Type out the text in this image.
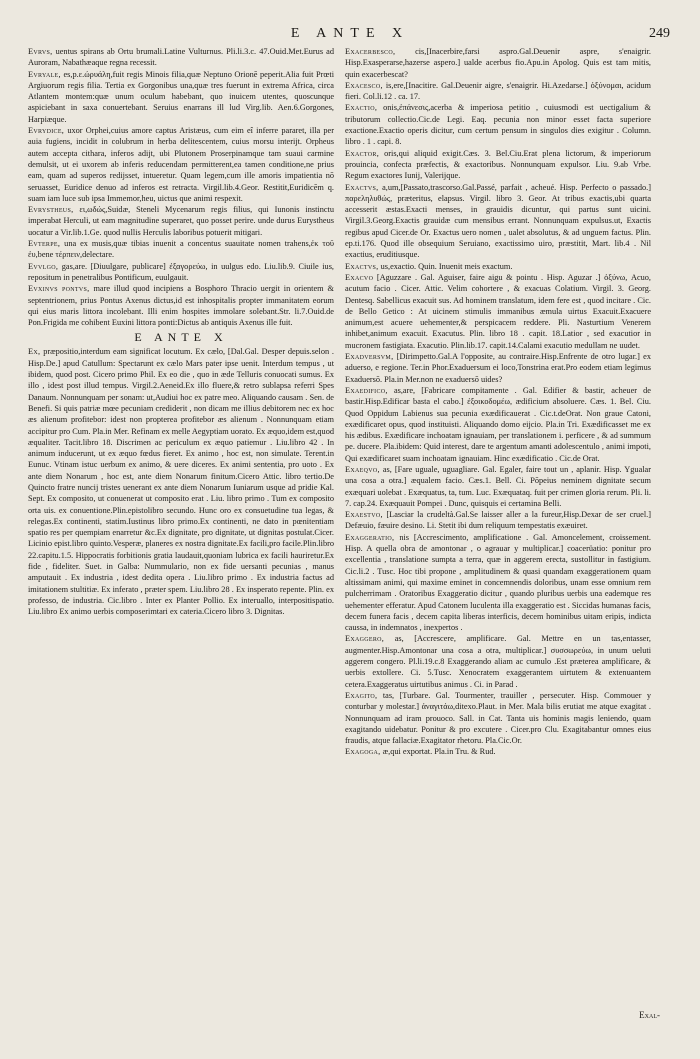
E ANTE X	249

Evrvs, uentus spirans ab Ortu brumali.Latine Vulturnus. Pli.li.3.c. 47.Ouid.Met.Eurus ad Auroram, Nabathæaque regna recessit.

Evryale, es,p.ε.ώρυάλη,fuit regis Minois filia,quæ Neptuno Orionē peperit.Alia fuit Prœti Argiuorum regis filia. Tertia ex Gorgonibus una,quæ tres fuerunt in extrema Africa, circa Atlantem montem:quæ unum oculum habebant, quo inuicem utentes, quoscunque aspiciebant in saxa conuertebant. Seruius enarrans ill lud Virg.lib. Aen.6.Gorgones, Harpiæque.

Evrydice, uxor Orphei,cuius amore captus Aristæus, cum eim eî inferre pararet, illa per auia fugiens, incidit in colubrum in herba delitescentem, cuius morsu interijt. Orpheus autem accepta cithara, inferos adijt, ubi Plutonem Proserpinamque tam suaui carmine demulsit, ut ei uxorem ab inferis reducendam permitterent,ea tamen conditione,ne prius eam, quam ad superos redijsset, intueretur. Quam legem,cum ille amoris impatientia nō seruasset, Euridice denuo ad inferos est retracta. Virgil.lib.4.Geor. Restitit,Euridicēm q. suam iam luce sub ipsa Immemor,heu, uictus que animi respexit.

Evrystheus, ει,ωδώς,Suidæ, Steneli Mycenarum regis filius, qui Iunonis instinctu imperabat Herculi, ut eam magnitudine superaret, quo posset perire. unde durus Eurystheus uocatur a Vir.lib.1.Ge. quod nullis Herculis laboribus potuerit mitigari.

Evterpe, una ex musis,quæ tibias inuenit a concentus suauitate nomen trahens,ἐκ τοῦ ἐυ,bene τέρπειν,delectare.

Evvlgo, gas,are. [Diuulgare, publicare] ἐξαγορεύω, in uulgus edo. Liu.lib.9. Ciuile ius, repositum in penetralibus Pontificum, euulgauit.

Evxinvs pontvs, mare illud quod incipiens a Bosphoro Thracio uergit in orientem & septentrionem, prius Pontus Axenus dictus,id est inhospitalis propter immanitatem eorum qui eius maris littora incolebant. Illi enim hospites immolare solebant.Str. li.7.Ouid.de Pon.Frigida me cohibent Euxini littora ponti:Dictus ab antiquis Axenus ille fuit.

E ANTE X

Ex, præpositio,interdum eam significat locutum. Ex cælo, [Dal.Gal. Desper depuis.selon . Hisp.De.] apud Catullum: Spectarunt ex cælo Mars pater ipse uenit. Interdum tempus , ut ibidem, quod post. Cicero primo Phil. Ex eo die , quo in æde Telluris conuocati sumus. Ex illo , idest post illud tempus. Virgil.2.Aeneid.Ex illo fluere,& retro sublapsa referri Spes Danaum. Nonnunquam per sonam: ut,Audiui hoc ex patre meo. Aliquando causam . Sen. de Benefi. Si quis patriæ mœe pecuniam crediderit , non dicam me illius debitorem nec ex hoc æs alienum profitebor: idest non propterea profitebor æs alienum . Nonnunquam etiam accipitur pro Cum. Pla.in Mer. Refinam ex melle Aegyptiam uorato. Ex æquo,idem est,quod æqualiter. Tacit.libro 18. Discrimen ac periculum ex æquo patiemur . Liu.libro 42 . In animum inducerunt, ut ex æquo fœdus fieret. Ex animo , hoc est, non simulate. Terent.in Eunuc. Vtinam istuc uerbum ex animo, & uere diceres. Ex animi sententia, pro uoto . Ex ante diem Nonarum , hoc est, ante diem Nonarum finitum.Cicero Attic. libro tertio.De Quincto fratre nuncij tristes uenerant ex ante diem Nonarum Iuniarum usque ad pridie Kal. Sept. Ex composito, ut conuenerat ut composito erat . Liu. libro primo . Tum ex composito orta uis. ex conuentione.Plin.epistolibro secundo. Hunc oro ex consuetudine tua legas, & relegas.Ex continenti, statim.Iustinus libro primo.Ex continenti, ne dato in pœnitentiam spatio res per quempiam enarretur &c.Ex dignitate, pro dignitate, ut dignitas postulat.Cicer. Licinio epist.libro quinto.Vesperæ, planeres ex nostra dignitate.Ex facili,pro facile.Plin.libro 22.capitu.1.5. Hippocratis forbitionis gratia laudauit,quoniam lubrica ex facili hauriretur.Ex fide , fideliter. Suet. in Galba: Nummulario, non ex fide uersanti pecunias , manus amputauit . Ex industria , idest dedita opera . Liu.libro primo . Ex industria factus ad imitationem stultitiæ. Ex inferato , præter spem. Liu.libro 28 . Ex insperato repente. Plin. ex professo, de industria. Cic.libro . Inter ex Planter Pollio. Ex interuallo, interpositispatio. Liu.libro Ex animo uerbis composerimtari ex cateria.Cicero libro 3. Dignitas.

Exacerbesco, cis,[Inacerbire,farsi aspro.Gal.Deuenir aspre, s'enaigrir. Hisp.Exasperarse,hazerse aspero.] ualde acerbus fio.Apu.in Apolog. Quis est tam mitis, quin exacerbescat?

Exacesco, is,ere,[Inacitire. Gal.Deuenir aigre, s'enaigrir. Hi.Azedarse.] ὀξύνομαι, acidum fieri. Col.li.12 . ca. 17.

Exactio, onis,ἐπάνεσις,acerba & imperiosa petitio , cuiusmodi est uectigalium & tributorum collectio.Cic.de Legi. Eaq. pecunia non minor esset facta superiore exactione.Exactio operis dicitur, cum certum pensum in singulos dies exigitur . Column. libro . 1 . capi. 8.

Exactor, oris,qui aliquid exigit.Cæs. 3. Bel.Ciu.Erat plena lictorum, & imperiorum prouincia, confecta præfectis, & exactoribus. Nonnunquam expulsor. Liu. 9.ab Vrbe. Regum exactores Iunij, Valerijque.

Exactvs, a,um,[Passato,trascorso.Gal.Passé, parfait , acheué. Hisp. Perfecto o passado.] παρεληλυθώς, præteritus, elapsus. Virgil. libro 3. Geor. At tribus exactis,ubi quarta accesserit æstas.Exacti menses, in grauidis dicuntur, qui partus sunt uicini. Virgil.3.Georg.Exactis grauidæ cum mensibus errant. Nonnunquam expulsus.ut, Exactis regibus apud Cicer.de Or. Exactus uero nomen , ualet absolutus, & ad unguem factus. Plin. ep.ti.176. Quod ille obsequium Seruiano, exactissimo uiro, præstitit, Mart. lib.4 . Nil exactius, eruditiusque.

Exactvs, us,exactio. Quin. Inuenit meis exactum.

Exacvo [Aguzzare . Gal. Aguiser, faire aigu & pointu . Hisp. Aguzar .] ὀξύνω, Acuo, acutum facio . Cicer. Attic. Velim cohortere , & exacuas Colatium. Virgil. 3. Georg. Dentesq. Sabellicus exacuit sus. Ad hominem translatum, idem fere est , quod incitare . Cic. de Bello Getico : At uicinem stimulis immanibus æmula uirtus Exacuit.Exacuere animum,est acuere uehementer,& perspicacem reddere. Pli. Nasturtium Venerem inhibet,animum exacuit. Exacutus. Plin. libro 18 . capit. 18.Latior , sed exacutior in mucronem fastigiata. Exacutio. Plin.lib.17. capit.14.Calami exacutio medullam ne uudet.

Exadversvm, [Dirimpetto.Gal.A l'opposite, au contraire.Hisp.Enfrente de otro lugar.] ex aduerso, e regione. Ter.in Phor.Exaduersum ei loco,Tonstrina erat.Pro eodem etiam legimus Exaduersō. Pla.in Mer.non ne exaduersō uides?

Exaedifico, as,are, [Fabricare compitamente . Gal. Edifier & bastir, acheuer de bastir.Hisp.Edificar basta el cabo.] ἐξοικοδομέω, ædificium absoluere. Cæs. 1. Bel. Ciu. Quod Oppidum Labienus sua pecunia exædificauerat . Cic.t.deOrat. Non graue Catoni, exædificaret opus, quod instituisti. Aliquando domo eijcio. Pla.in Tri. Exædificasset me ex his ædibus. Exædificare inchoatam ignauiam, per translationem i. perficere , & ad summum pe. ducere. Pla.ibidem: Quid interest, dare te argentum amanti adolescentulo , animi impoti, Qui exædificaret suam inchoatam ignauiam. Hinc exædificatio . Cic.de Orat.

Exaeqvo, as, [Fare uguale, uguagliare. Gal. Egaler, faire tout un , aplanir. Hisp. Ygualar una cosa a otra.] æqualem facio. Cæs.1. Bell. Ci. Pōpeius neminem dignitate secum exæquari uolebat . Exæquatus, ta, tum. Luc. Exæquataq. fuit per crimen gloria rerum. Pli. li. 7. cap.24. Exæquauit Pompei . Dunc, quisquis ei certamina Belli.

Exaestvo, [Lasciar la crudeltà.Gal.Se laisser aller a la fureur,Hisp.Dexar de ser cruel.] Defæuio, fæuire desino. Li. Stetit ibi dum reliquum tempestatis exæuiret.

Exaggeratio, nis [Accrescimento, amplificatione . Gal. Amoncelement, croissement. Hisp. A quella obra de amontonar , o agrauar y multiplicar.] coacerüatio: ponitur pro excellentia , translatione sumpta a terra, quæ in aggerem erecta, sustollitur in fastigium. Cic.li.2 . Tusc. Hoc tibi propone , amplitudinem & quasi quandam exaggerationem quam altissimam animi, qui maxime eminet in concemnendis doloribus, unam esse omnium rem pulcherrimam . Oratoribus Exaggeratio dicitur , quando pluribus uerbis una eademque res uehementer efferatur. Apud Catonem luculenta illa exaggeratio est . Siccidas humanas facis, decem funera facis , decem capita liberas interficis, decem hominibus uitam eripis, indicta caussa, in indemnatos , inexpertos .

Exaggero, as, [Accrescere, amplificare. Gal. Mettre en un tas,entasser, augmenter.Hisp.Amontonar una cosa a otra, multiplicar.] συσσωρεύω, in unum ueluti aggerem congero. Pl.li.19.c.8 Exaggerando aliam ac cumulo .Est præterea amplificare, & uerbis extollere. Ci. 5.Tusc. Xenocratem exaggerantem uirtutem & extenuantem cetera.Exaggeratus uirtutibus animus . Ci. in Parad .

Exagito, tas, [Turbare. Gal. Tourmenter, trauiller , persecuter. Hisp. Commouer y conturbar y molestar.] ἀναγιτάω,ditexo.Plaut. in Mer. Mala bilis erutiat me atque exagitat . Nonnunquam ad iram prouoco. Sall. in Cat. Tanta uis hominis magis leniendo, quam exagitando uidebatur. Ponitur & pro excutere . Cicer.pro Clu. Exagitabantur omnes eius fraudis, atque fallaciæ.Exagitator rhetoru. Pla.Cic.Or.

Exagoga, æ,qui exportat. Pla.in Tru. & Rud.

Exal-
